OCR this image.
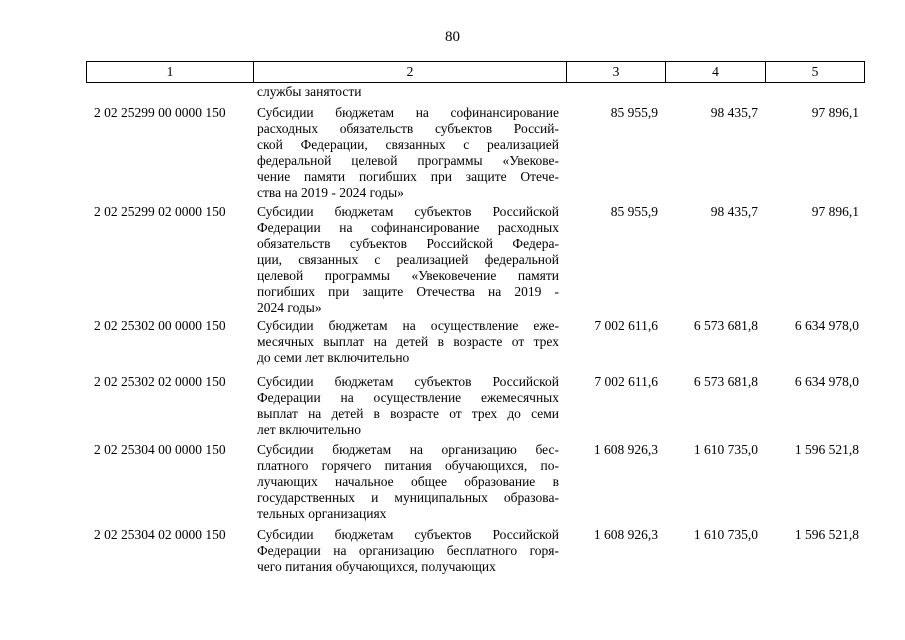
80
1	2	3	4	5
службы занятости
2 02 25299 00 0000 150 Субсидии бюджетам на софинансирование
расходных обязательств субъектов Россий-
ской Федерации, связанных с реализацией
федеральной целевой программы «Увекове-
чение памяти погибших при защите Отече-
ства на 2019 - 2024 годы»
85 955,9	98 435,7	97 896,1
2 02 25299 02 0000 150 Субсидии бюджетам субъектов Российской
Федерации на софинансирование расходных
обязательств субъектов Российской Федера-
ции, связанных с реализацией федеральной
целевой программы «Увековечение памяти
погибших при защите Отечества на 2019 -
2024 годы»
85 955,9	98 435,7	97 896,1
2 02 25302 00 0000 150 Субсидии бюджетам на осуществление еже-
месячных выплат на детей в возрасте от трех
до семи лет включительно
7 002 611,6	6 573 681,8	6 634 978,0
2 02 25302 02 0000 150 Субсидии бюджетам субъектов Российской
Федерации на осуществление ежемесячных
выплат на детей в возрасте от трех до семи
лет включительно
7 002 611,6	6 573 681,8	6 634 978,0
2 02 25304 00 0000 150 Субсидии бюджетам на организацию бес-
платного горячего питания обучающихся, по-
лучающих начальное общее образование в
государственных и муниципальных образова-
тельных организациях
1 608 926,3	1 610 735,0	1 596 521,8
2 02 25304 02 0000 150 Субсидии бюджетам субъектов Российской
Федерации на организацию бесплатного горя-
чего питания обучающихся, получающих
1 608 926,3	1 610 735,0	1 596 521,8
